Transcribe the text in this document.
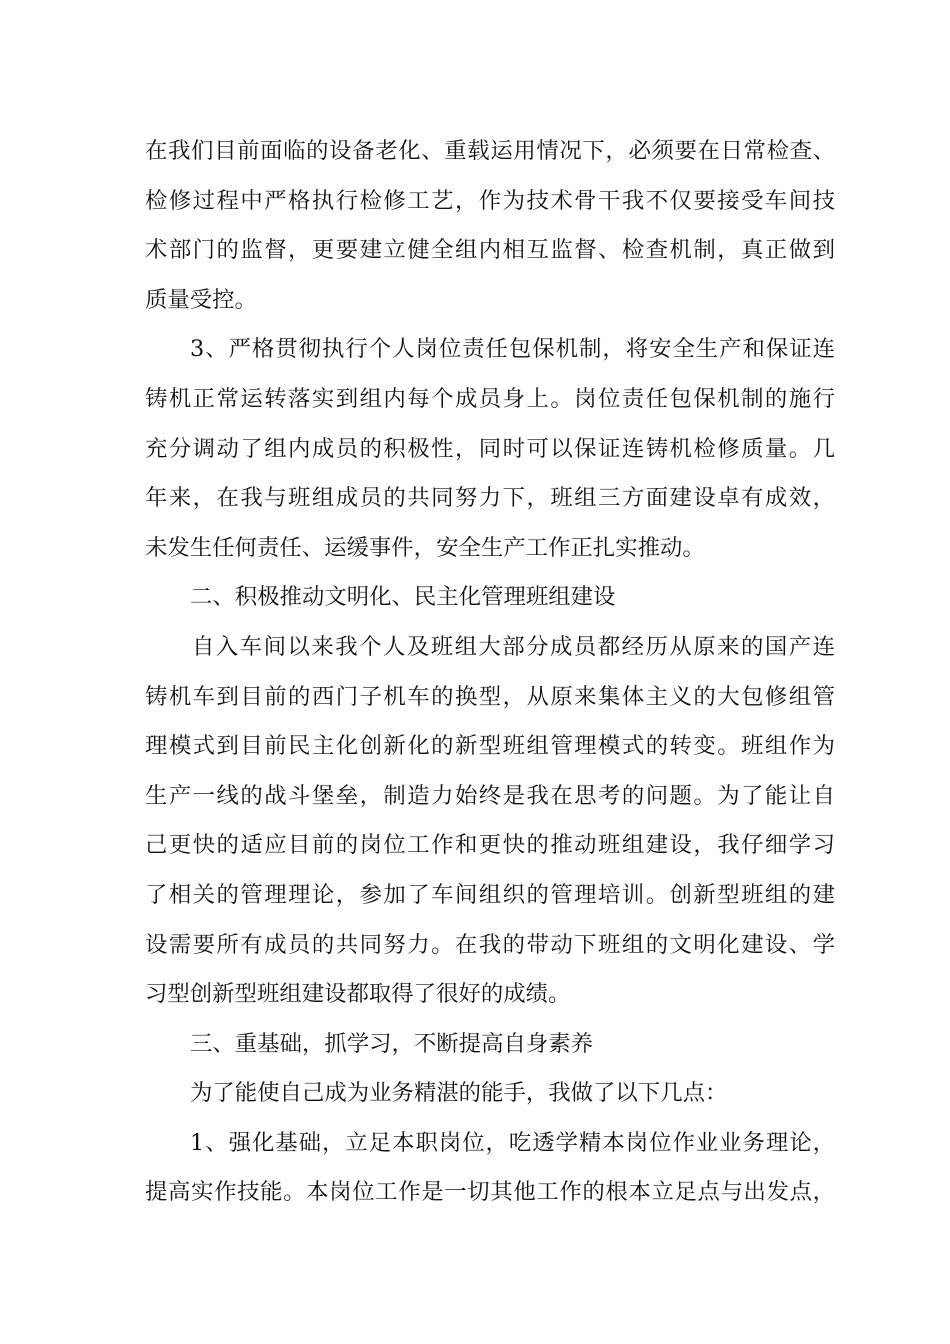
在我们目前面临的设备老化、重载运用情况下，必须要在日常检查、
检修过程中严格执行检修工艺，作为技术骨干我不仅要接受车间技
术部门的监督，更要建立健全组内相互监督、检查机制，真正做到
质量受控。
3、严格贯彻执行个人岗位责任包保机制，将安全生产和保证连
铸机正常运转落实到组内每个成员身上。岗位责任包保机制的施行
充分调动了组内成员的积极性，同时可以保证连铸机检修质量。几
年来，在我与班组成员的共同努力下，班组三方面建设卓有成效，
未发生任何责任、运缓事件，安全生产工作正扎实推动。
二、积极推动文明化、民主化管理班组建设
自入车间以来我个人及班组大部分成员都经历从原来的国产连
铸机车到目前的西门子机车的换型，从原来集体主义的大包修组管
理模式到目前民主化创新化的新型班组管理模式的转变。班组作为
生产一线的战斗堡垒，制造力始终是我在思考的问题。为了能让自
己更快的适应目前的岗位工作和更快的推动班组建设，我仔细学习
了相关的管理理论，参加了车间组织的管理培训。创新型班组的建
设需要所有成员的共同努力。在我的带动下班组的文明化建设、学
习型创新型班组建设都取得了很好的成绩。
三、重基础，抓学习，不断提高自身素养
为了能使自己成为业务精湛的能手，我做了以下几点：
1、强化基础，立足本职岗位，吃透学精本岗位作业业务理论，
提高实作技能。本岗位工作是一切其他工作的根本立足点与出发点，
